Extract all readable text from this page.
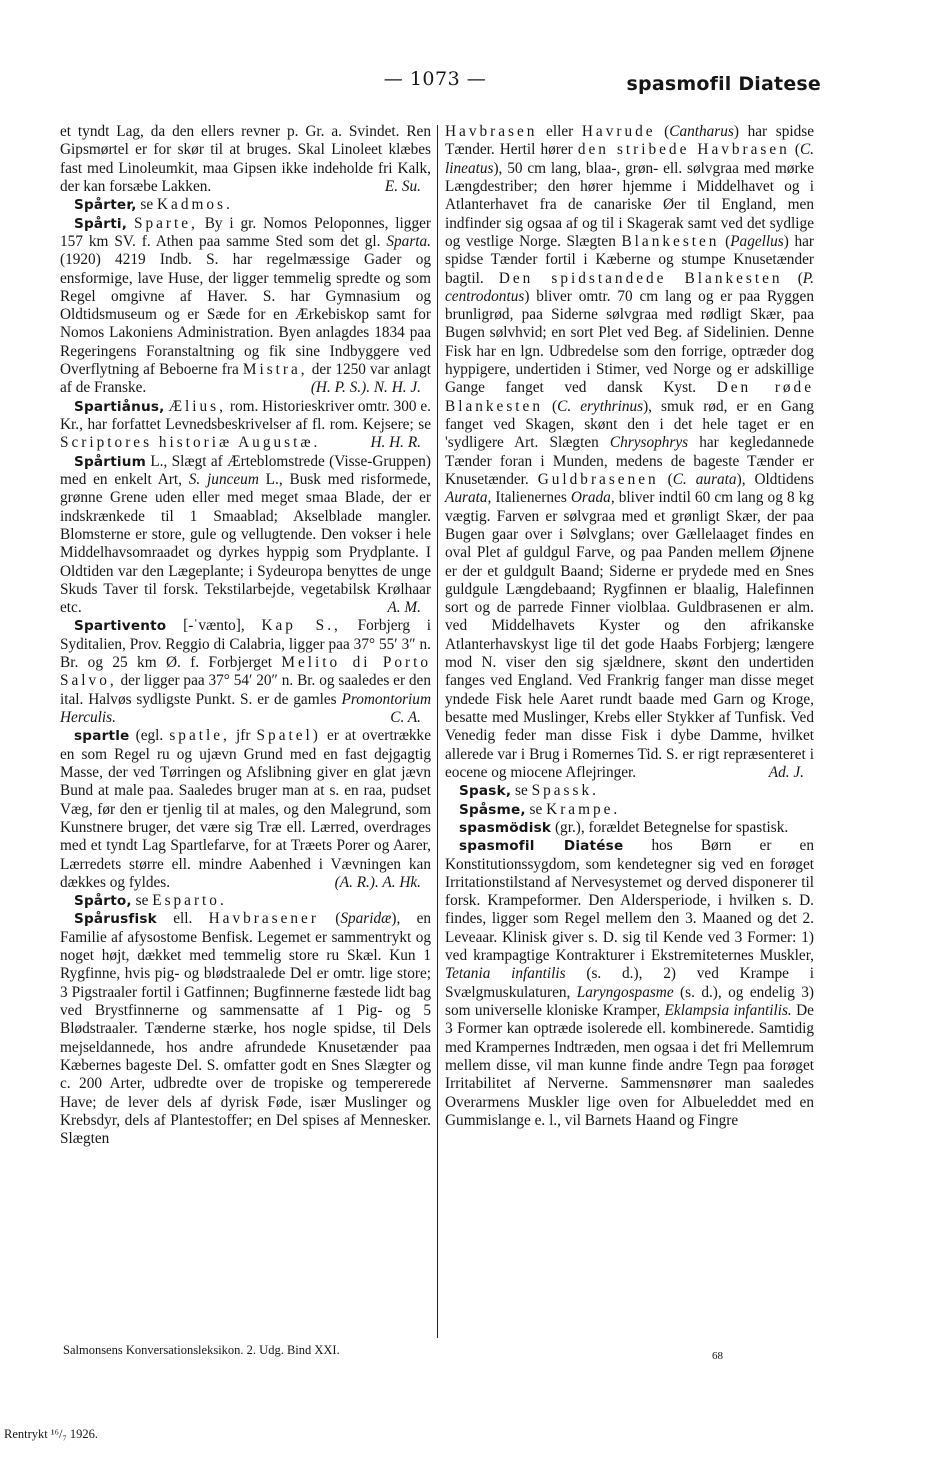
— 1073 —	spasmofil Diatese

et tyndt Lag, da den ellers revner p. Gr. a. Svindet. Ren Gipsmørtel er for skør til at bruges. Skal Linoleet klæbes fast med Linoleumkit, maa Gipsen ikke indeholde fri Kalk, der kan forsæbe Lakken.	E. Su.

Spårter, se Kadmos.

Spårti, Sparte, By i gr. Nomos Peloponnes, ligger 157 km SV. f. Athen paa samme Sted som det gl. Sparta. (1920) 4219 Indb. S. har regelmæssige Gader og ensformige, lave Huse, der ligger temmelig spredte og som Regel omgivne af Haver. S. har Gymnasium og Oldtidsmuseum og er Sæde for en Ærkebiskop samt for Nomos Lakoniens Administration. Byen anlagdes 1834 paa Regeringens Foranstaltning og fik sine Indbyggere ved Overflytning af Beboerne fra Mistra, der 1250 var anlagt af de Franske.	(H. P. S.). N. H. J.

Spartiånus, Ælius, rom. Historieskriver omtr. 300 e. Kr., har forfattet Levnedsbeskrivelser af fl. rom. Kejsere; se Scriptores historiæ Augustæ.	H. H. R.

Spårtium L., Slægt af Ærteblomstrede (Visse-Gruppen) med en enkelt Art, S. junceum L., Busk med risformede, grønne Grene uden eller med meget smaa Blade, der er indskrænkede til 1 Smaablad; Akselblade mangler. Blomsterne er store, gule og vellugtende. Den vokser i hele Middelhavsomraadet og dyrkes hyppig som Prydplante. I Oldtiden var den Lægeplante; i Sydeuropa benyttes de unge Skuds Taver til forsk. Tekstilarbejde, vegetabilsk Krølhaar etc.	A. M.

Spartivento [-ˈvænto], Kap S., Forbjerg i Syditalien, Prov. Reggio di Calabria, ligger paa 37° 55′ 3″ n. Br. og 25 km Ø. f. Forbjerget Melito di Porto Salvo, der ligger paa 37° 54′ 20″ n. Br. og saaledes er den ital. Halvøs sydligste Punkt. S. er de gamles Promontorium Herculis.	C. A.

spartle (egl. spatle, jfr Spatel) er at overtrække en som Regel ru og ujævn Grund med en fast dejgagtig Masse, der ved Tørringen og Afslibning giver en glat jævn Bund at male paa. Saaledes bruger man at s. en raa, pudset Væg, før den er tjenlig til at males, og den Malegrund, som Kunstnere bruger, det være sig Træ ell. Lærred, overdrages med et tyndt Lag Spartlefarve, for at Træets Porer og Aarer, Lærredets større ell. mindre Aabenhed i Vævningen kan dækkes og fyldes.	(A. R.). A. Hk.

Spårto, se Esparto.

Spårusfisk ell. Havbrasener (Sparidæ), en Familie af afysostome Benfisk. Legemet er sammentrykt og noget højt, dækket med temmelig store ru Skæl. Kun 1 Rygfinne, hvis pig- og blødstraalede Del er omtr. lige store; 3 Pigstraaler fortil i Gatfinnen; Bugfinnerne fæstede lidt bag ved Brystfinnerne og sammensatte af 1 Pig- og 5 Blødstraaler. Tænderne stærke, hos nogle spidse, til Dels mejseldannede, hos andre afrundede Knusetænder paa Kæbernes bageste Del. S. omfatter godt en Snes Slægter og c. 200 Arter, udbredte over de tropiske og tempererede Have; de lever dels af dyrisk Føde, især Muslinger og Krebsdyr, dels af Plantestoffer; en Del spises af Mennesker. Slægten

Havbrasen eller Havrude (Cantharus) har spidse Tænder. Hertil hører den stribede Havbrasen (C. lineatus), 50 cm lang, blaa-, grøn- ell. sølvgraa med mørke Længdestriber; den hører hjemme i Middelhavet og i Atlanterhavet fra de canariske Øer til England, men indfinder sig ogsaa af og til i Skagerak samt ved det sydlige og vestlige Norge. Slægten Blankesten (Pagellus) har spidse Tænder fortil i Kæberne og stumpe Knusetænder bagtil. Den spidstandede Blankesten (P. centrodontus) bliver omtr. 70 cm lang og er paa Ryggen brunligrød, paa Siderne sølvgraa med rødligt Skær, paa Bugen sølvhvid; en sort Plet ved Beg. af Sidelinien. Denne Fisk har en lgn. Udbredelse som den forrige, optræder dog hyppigere, undertiden i Stimer, ved Norge og er adskillige Gange fanget ved dansk Kyst. Den røde Blankesten (C. erythrinus), smuk rød, er en Gang fanget ved Skagen, skønt den i det hele taget er en 'sydligere Art. Slægten Chrysophrys har kegledannede Tænder foran i Munden, medens de bageste Tænder er Knusetænder. Guldbrasenen (C. aurata), Oldtidens Aurata, Italienernes Orada, bliver indtil 60 cm lang og 8 kg vægtig. Farven er sølvgraa med et grønligt Skær, der paa Bugen gaar over i Sølvglans; over Gællelaaget findes en oval Plet af guldgul Farve, og paa Panden mellem Øjnene er der et guldgult Baand; Siderne er prydede med en Snes guldgule Længdebaand; Rygfinnen er blaalig, Halefinnen sort og de parrede Finner violblaa. Guldbrasenen er alm. ved Middelhavets Kyster og den afrikanske Atlanterhavskyst lige til det gode Haabs Forbjerg; længere mod N. viser den sig sjældnere, skønt den undertiden fanges ved England. Ved Frankrig fanger man disse meget yndede Fisk hele Aaret rundt baade med Garn og Kroge, besatte med Muslinger, Krebs eller Stykker af Tunfisk. Ved Venedig feder man disse Fisk i dybe Damme, hvilket allerede var i Brug i Romernes Tid. S. er rigt repræsenteret i eocene og miocene Aflejringer.	Ad. J.

Spask, se Spassk.

Spåsme, se Krampe.

spasmödisk (gr.), forældet Betegnelse for spastisk.

spasmofil Diatése hos Børn er en Konstitutionssygdom, som kendetegner sig ved en forøget Irritationstilstand af Nervesystemet og derved disponerer til forsk. Krampeformer. Den Aldersperiode, i hvilken s. D. findes, ligger som Regel mellem den 3. Maaned og det 2. Leveaar. Klinisk giver s. D. sig til Kende ved 3 Former: 1) ved krampagtige Kontrakturer i Ekstremiteternes Muskler, Tetania infantilis (s. d.), 2) ved Krampe i Svælgmuskulaturen, Laryngospasme (s. d.), og endelig 3) som universelle kloniske Kramper, Eklampsia infantilis. De 3 Former kan optræde isolerede ell. kombinerede. Samtidig med Krampernes Indtræden, men ogsaa i det fri Mellemrum mellem disse, vil man kunne finde andre Tegn paa forøget Irritabilitet af Nerverne. Sammensnører man saaledes Overarmens Muskler lige oven for Albueleddet med en Gummislange e. l., vil Barnets Haand og Fingre

Salmonsens Konversationsleksikon. 2. Udg. Bind XXI.	68
Rentrykt ¹⁶/₇ 1926.
